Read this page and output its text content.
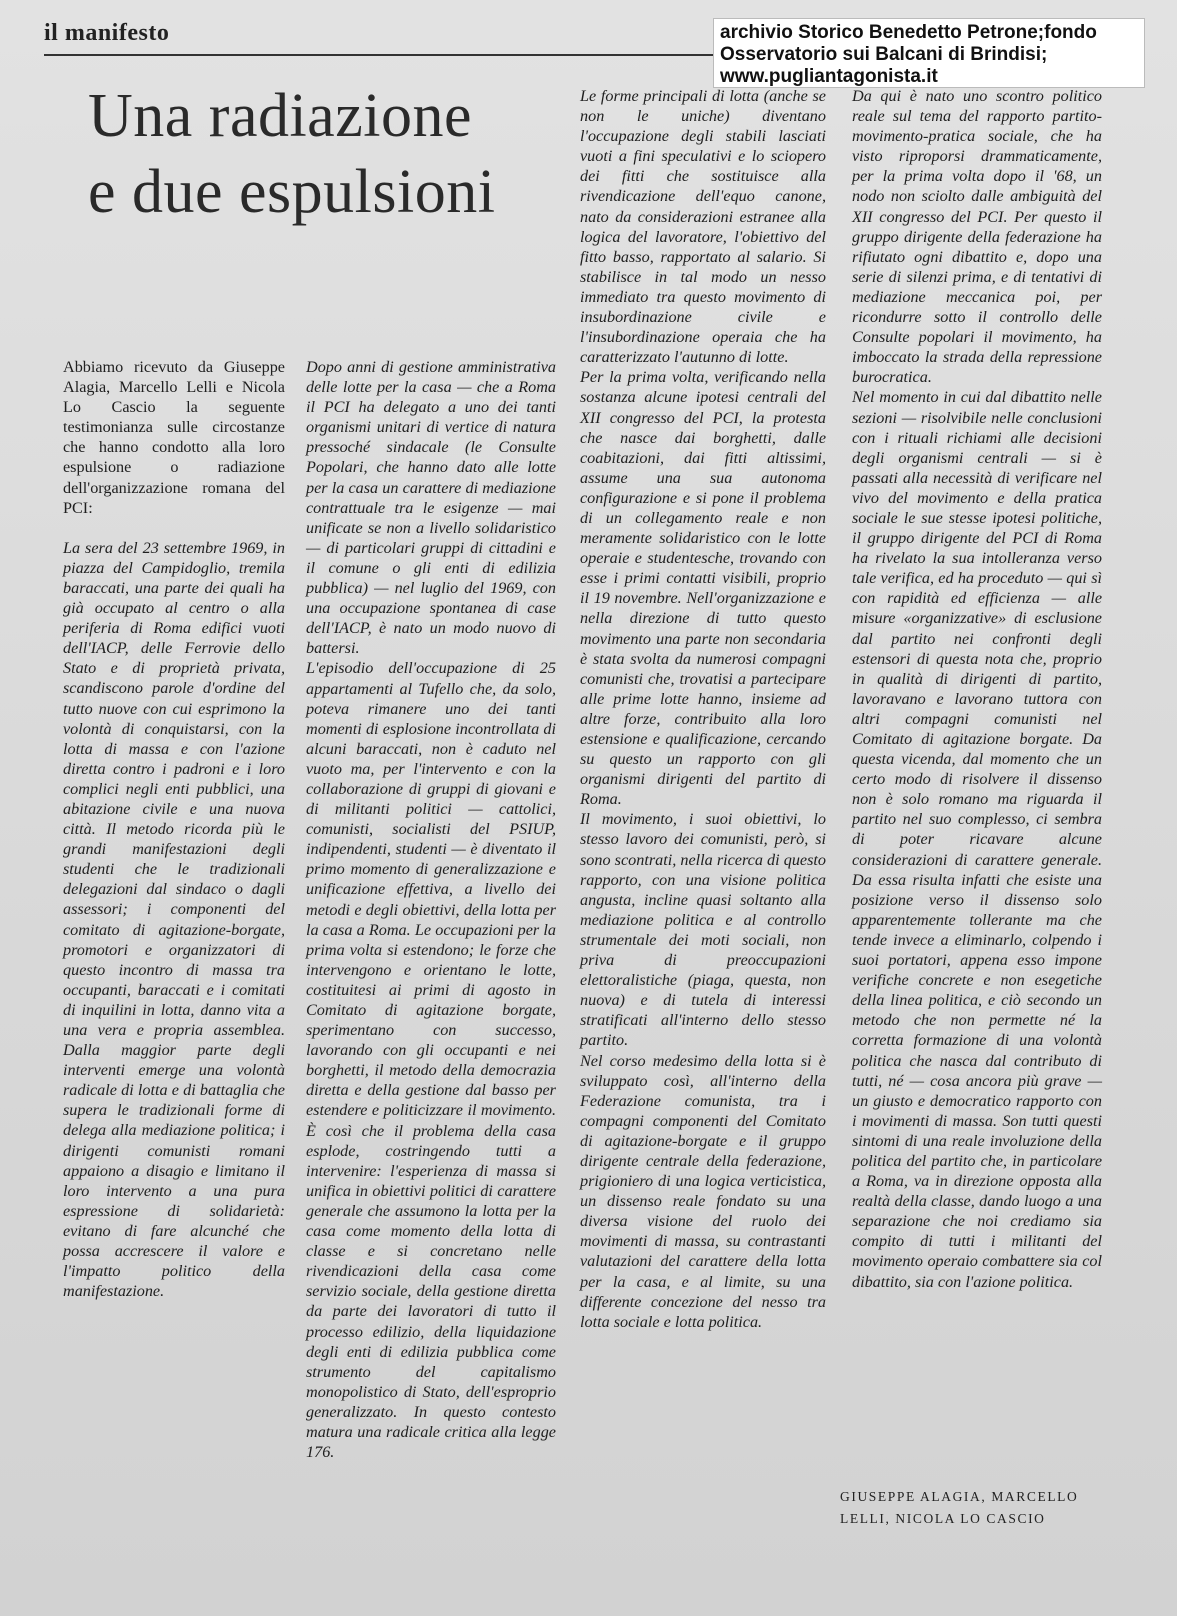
il manifesto	archivio Storico Benedetto Petrone;fondo
Osservatorio sui Balcani di Brindisi;
www.pugliantagonista.it
Una radiazione
e due espulsioni

Abbiamo ricevuto da Giuseppe Alagia, Marcello Lelli e Nicola Lo Cascio la seguente testimonianza sulle circostanze che hanno condotto alla loro espulsione o radiazione dell'organizzazione romana del PCI:

La sera del 23 settembre 1969, in piazza del Campidoglio, tremila baraccati, una parte dei quali ha già occupato al centro o alla periferia di Roma edifici vuoti dell'IACP, delle Ferrovie dello Stato e di proprietà privata, scandiscono parole d'ordine del tutto nuove con cui esprimono la volontà di conquistarsi, con la lotta di massa e con l'azione diretta contro i padroni e i loro complici negli enti pubblici, una abitazione civile e una nuova città. Il metodo ricorda più le grandi manifestazioni degli studenti che le tradizionali delegazioni dal sindaco o dagli assessori; i componenti del comitato di agitazione-borgate, promotori e organizzatori di questo incontro di massa tra occupanti, baraccati e i comitati di inquilini in lotta, danno vita a una vera e propria assemblea. Dalla maggior parte degli interventi emerge una volontà radicale di lotta e di battaglia che supera le tradizionali forme di delega alla mediazione politica; i dirigenti comunisti romani appaiono a disagio e limitano il loro intervento a una pura espressione di solidarietà: evitano di fare alcunché che possa accrescere il valore e l'impatto politico della manifestazione.

Dopo anni di gestione amministrativa delle lotte per la casa — che a Roma il PCI ha delegato a uno dei tanti organismi unitari di vertice di natura pressoché sindacale (le Consulte Popolari, che hanno dato alle lotte per la casa un carattere di mediazione contrattuale tra le esigenze — mai unificate se non a livello solidaristico — di particolari gruppi di cittadini e il comune o gli enti di edilizia pubblica) — nel luglio del 1969, con una occupazione spontanea di case dell'IACP, è nato un modo nuovo di battersi.

L'episodio dell'occupazione di 25 appartamenti al Tufello che, da solo, poteva rimanere uno dei tanti momenti di esplosione incontrollata di alcuni baraccati, non è caduto nel vuoto ma, per l'intervento e con la collaborazione di gruppi di giovani e di militanti politici — cattolici, comunisti, socialisti del PSIUP, indipendenti, studenti — è diventato il primo momento di generalizzazione e unificazione effettiva, a livello dei metodi e degli obiettivi, della lotta per la casa a Roma. Le occupazioni per la prima volta si estendono; le forze che intervengono e orientano le lotte, costituitesi ai primi di agosto in Comitato di agitazione borgate, sperimentano con successo, lavorando con gli occupanti e nei borghetti, il metodo della democrazia diretta e della gestione dal basso per estendere e politicizzare il movimento. È così che il problema della casa esplode, costringendo tutti a intervenire: l'esperienza di massa si unifica in obiettivi politici di carattere generale che assumono la lotta per la casa come momento della lotta di classe e si concretano nelle rivendicazioni della casa come servizio sociale, della gestione diretta da parte dei lavoratori di tutto il processo edilizio, della liquidazione degli enti di edilizia pubblica come strumento del capitalismo monopolistico di Stato, dell'esproprio generalizzato. In questo contesto matura una radicale critica alla legge 176.

Le forme principali di lotta (anche se non le uniche) diventano l'occupazione degli stabili lasciati vuoti a fini speculativi e lo sciopero dei fitti che sostituisce alla rivendicazione dell'equo canone, nato da considerazioni estranee alla logica del lavoratore, l'obiettivo del fitto basso, rapportato al salario. Si stabilisce in tal modo un nesso immediato tra questo movimento di insubordinazione civile e l'insubordinazione operaia che ha caratterizzato l'autunno di lotte.

Per la prima volta, verificando nella sostanza alcune ipotesi centrali del XII congresso del PCI, la protesta che nasce dai borghetti, dalle coabitazioni, dai fitti altissimi, assume una sua autonoma configurazione e si pone il problema di un collegamento reale e non meramente solidaristico con le lotte operaie e studentesche, trovando con esse i primi contatti visibili, proprio il 19 novembre. Nell'organizzazione e nella direzione di tutto questo movimento una parte non secondaria è stata svolta da numerosi compagni comunisti che, trovatisi a partecipare alle prime lotte hanno, insieme ad altre forze, contribuito alla loro estensione e qualificazione, cercando su questo un rapporto con gli organismi dirigenti del partito di Roma.

Il movimento, i suoi obiettivi, lo stesso lavoro dei comunisti, però, si sono scontrati, nella ricerca di questo rapporto, con una visione politica angusta, incline quasi soltanto alla mediazione politica e al controllo strumentale dei moti sociali, non priva di preoccupazioni elettoralistiche (piaga, questa, non nuova) e di tutela di interessi stratificati all'interno dello stesso partito.

Nel corso medesimo della lotta si è sviluppato così, all'interno della Federazione comunista, tra i compagni componenti del Comitato di agitazione-borgate e il gruppo dirigente centrale della federazione, prigioniero di una logica verticistica, un dissenso reale fondato su una diversa visione del ruolo dei movimenti di massa, su contrastanti valutazioni del carattere della lotta per la casa, e al limite, su una differente concezione del nesso tra lotta sociale e lotta politica.

Da qui è nato uno scontro politico reale sul tema del rapporto partito-movimento-pratica sociale, che ha visto riproporsi drammaticamente, per la prima volta dopo il '68, un nodo non sciolto dalle ambiguità del XII congresso del PCI. Per questo il gruppo dirigente della federazione ha rifiutato ogni dibattito e, dopo una serie di silenzi prima, e di tentativi di mediazione meccanica poi, per ricondurre sotto il controllo delle Consulte popolari il movimento, ha imboccato la strada della repressione burocratica.

Nel momento in cui dal dibattito nelle sezioni — risolvibile nelle conclusioni con i rituali richiami alle decisioni degli organismi centrali — si è passati alla necessità di verificare nel vivo del movimento e della pratica sociale le sue stesse ipotesi politiche, il gruppo dirigente del PCI di Roma ha rivelato la sua intolleranza verso tale verifica, ed ha proceduto — qui sì con rapidità ed efficienza — alle misure «organizzative» di esclusione dal partito nei confronti degli estensori di questa nota che, proprio in qualità di dirigenti di partito, lavoravano e lavorano tuttora con altri compagni comunisti nel Comitato di agitazione borgate. Da questa vicenda, dal momento che un certo modo di risolvere il dissenso non è solo romano ma riguarda il partito nel suo complesso, ci sembra di poter ricavare alcune considerazioni di carattere generale. Da essa risulta infatti che esiste una posizione verso il dissenso solo apparentemente tollerante ma che tende invece a eliminarlo, colpendo i suoi portatori, appena esso impone verifiche concrete e non esegetiche della linea politica, e ciò secondo un metodo che non permette né la corretta formazione di una volontà politica che nasca dal contributo di tutti, né — cosa ancora più grave — un giusto e democratico rapporto con i movimenti di massa. Son tutti questi sintomi di una reale involuzione della politica del partito che, in particolare a Roma, va in direzione opposta alla realtà della classe, dando luogo a una separazione che noi crediamo sia compito di tutti i militanti del movimento operaio combattere sia col dibattito, sia con l'azione politica.

GIUSEPPE ALAGIA, MARCELLO
LELLI, NICOLA LO CASCIO
